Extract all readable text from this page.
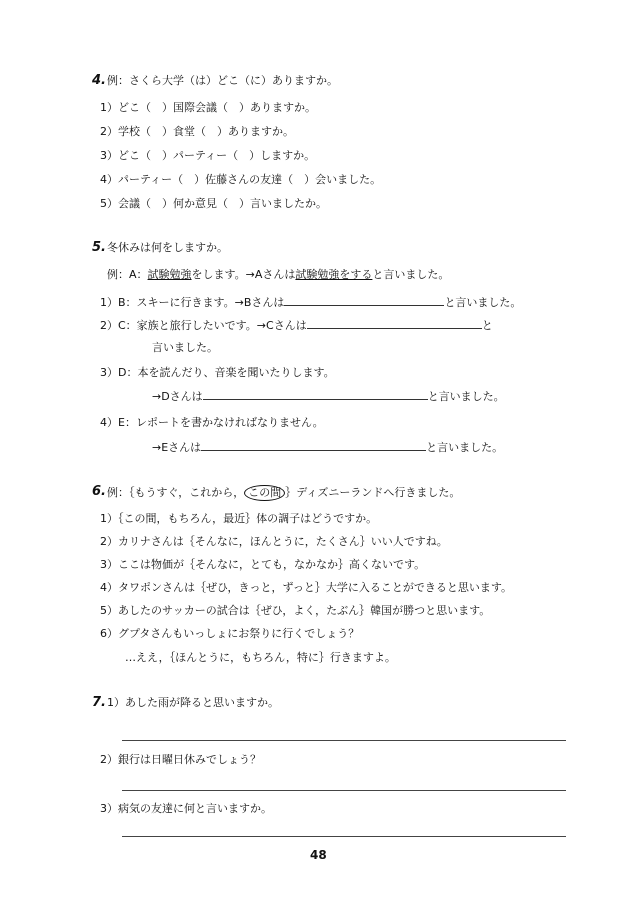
4. 例：さくら大学（は）どこ（に）ありますか。
1）どこ（　）国際会議（　）ありますか。
2）学校（　）食堂（　）ありますか。
3）どこ（　）パーティー（　）しますか。
4）パーティー（　）佐藤さんの友達（　）会いました。
5）会議（　）何か意見（　）言いましたか。
5. 冬休みは何をしますか。
例：A：試験勉強をします。→Aさんは試験勉強をすると言いました。
1）B：スキーに行きます。→Bさんは	と言いました。
2）C：家族と旅行したいです。→Cさんは	と
言いました。
3）D：本を読んだり、音楽を聞いたりします。
→Dさんは	と言いました。
4）E：レポートを書かなければなりません。
→Eさんは	と言いました。
6. 例：｛もうすぐ，これから， この間 ｝ディズニーランドへ行きました。
1）｛この間，もちろん，最近｝体の調子はどうですか。
2）カリナさんは｛そんなに，ほんとうに，たくさん｝いい人ですね。
3）ここは物価が｛そんなに，とても，なかなか｝高くないです。
4）タワポンさんは｛ぜひ，きっと，ずっと｝大学に入ることができると思います。
5）あしたのサッカーの試合は｛ぜひ，よく，たぶん｝韓国が勝つと思います。
6）グプタさんもいっしょにお祭りに行くでしょう？
…ええ，｛ほんとうに，もちろん，特に｝行きますよ。
7. 1）あした雨が降ると思いますか。
2）銀行は日曜日休みでしょう？
3）病気の友達に何と言いますか。
48
